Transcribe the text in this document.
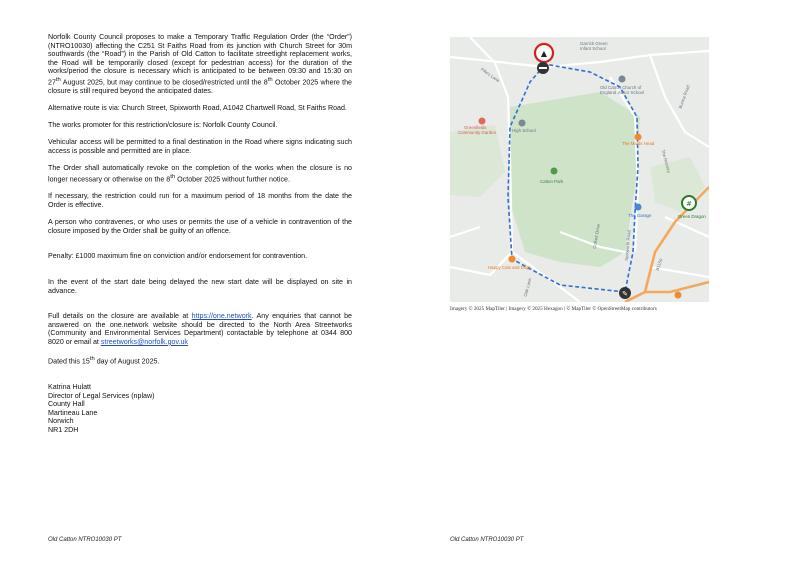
Norfolk County Council proposes to make a Temporary Traffic Regulation Order (the “Order”) (NTRO10030) affecting the C251 St Faiths Road from its junction with Church Street for 30m southwards (the “Road”) in the Parish of Old Catton to facilitate streetlight replacement works, the Road will be temporarily closed (except for pedestrian access) for the duration of the works/period the closure is necessary which is anticipated to be between 09:30 and 15:30 on 27th August 2025, but may continue to be closed/restricted until the 8th October 2025 where the closure is still required beyond the anticipated dates.

Alternative route is via: Church Street, Spixworth Road, A1042 Chartwell Road, St Faiths Road.

The works promoter for this restriction/closure is: Norfolk County Council.

Vehicular access will be permitted to a final destination in the Road where signs indicating such access is possible and permitted are in place.

The Order shall automatically revoke on the completion of the works when the closure is no longer necessary or otherwise on the 8th October 2025 without further notice.

If necessary, the restriction could run for a maximum period of 18 months from the date the Order is effective.

A person who contravenes, or who uses or permits the use of a vehicle in contravention of the closure imposed by the Order shall be guilty of an offence.

Penalty: £1000 maximum fine on conviction and/or endorsement for contravention.

In the event of the start date being delayed the new start date will be displayed on site in advance.

Full details on the closure are available at https://one.network. Any enquiries that cannot be answered on the one.network website should be directed to the North Area Streetworks (Community and Environmental Services Department) contactable by telephone at 0344 800 8020 or email at streetworks@norfolk.gov.uk

Dated this 15th day of August 2025.

Katrina Hulatt
Director of Legal Services (nplaw)
County Hall
Martineau Lane
Norwich
NR1 2DH
Old Catton NTRO10030 PT
▲
✎
#
Garrick Green
Infant School
Old Catton Church of
England Junior School	Burma Road
Greenfields
Community Garden	High School
The Maids Head
Catton Park
The Rectory
The Garage	Green Dragon
Happy Cats and Dogs
Spixworth Road
Oak Lane
Colkett Drive
Fifers Lane
B1150
Imagery © 2025 MapTiler | Imagery © 2025 Hexagon | © MapTiler © OpenStreetMap contributors
Old Catton NTRO10030 PT
